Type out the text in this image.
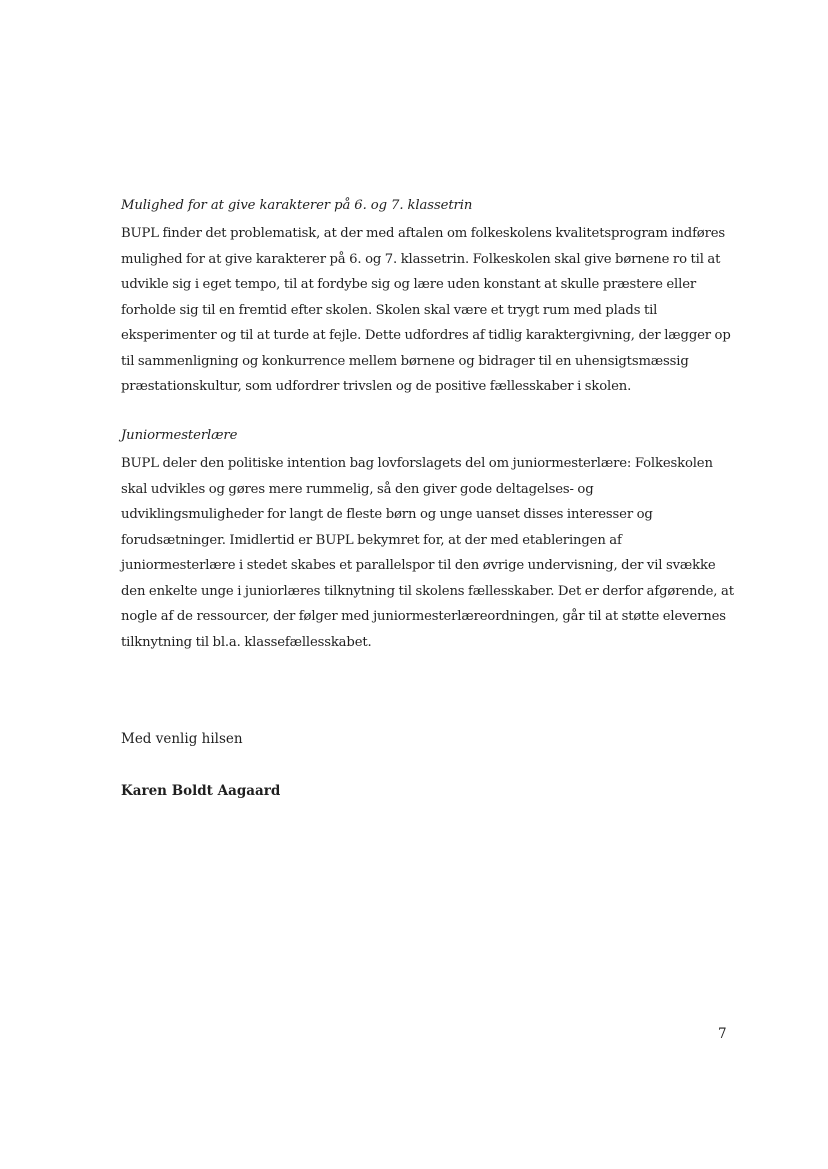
Mulighed for at give karakterer på 6. og 7. klassetrin

BUPL finder det problematisk, at der med aftalen om folkeskolens kvalitetsprogram indføres
mulighed for at give karakterer på 6. og 7. klassetrin. Folkeskolen skal give børnene ro til at
udvikle sig i eget tempo, til at fordybe sig og lære uden konstant at skulle præstere eller
forholde sig til en fremtid efter skolen. Skolen skal være et trygt rum med plads til
eksperimenter og til at turde at fejle. Dette udfordres af tidlig karaktergivning, der lægger op
til sammenligning og konkurrence mellem børnene og bidrager til en uhensigtsmæssig
præstationskultur, som udfordrer trivslen og de positive fællesskaber i skolen.

Juniormesterlære

BUPL deler den politiske intention bag lovforslagets del om juniormesterlære: Folkeskolen
skal udvikles og gøres mere rummelig, så den giver gode deltagelses- og
udviklingsmuligheder for langt de fleste børn og unge uanset disses interesser og
forudsætninger. Imidlertid er BUPL bekymret for, at der med etableringen af
juniormesterlære i stedet skabes et parallelspor til den øvrige undervisning, der vil svække
den enkelte unge i juniorlæres tilknytning til skolens fællesskaber. Det er derfor afgørende, at
nogle af de ressourcer, der følger med juniormesterlæreordningen, går til at støtte elevernes
tilknytning til bl.a. klassefællesskabet.

Med venlig hilsen
Karen Boldt Aagaard
7
